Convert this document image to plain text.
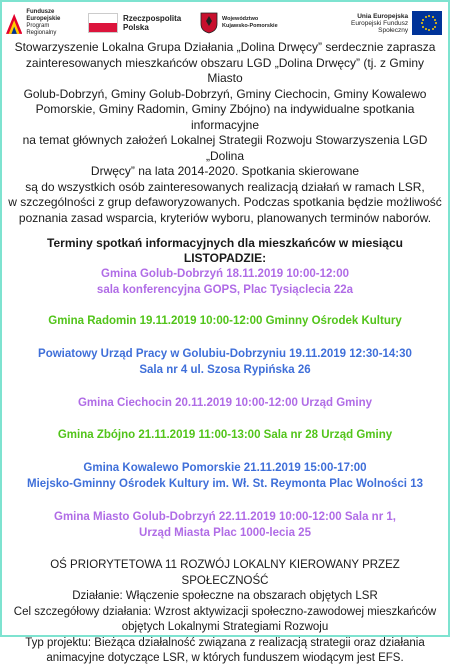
Fundusze
Europejskie
Program Regionalny
Rzeczpospolita
Polska
Województwo
Kujawsko-Pomorskie
Unia Europejska
Europejski Fundusz Społeczny

Stowarzyszenie Lokalna Grupa Działania „Dolina Drwęcy” serdecznie zaprasza

zainteresowanych mieszkańców obszaru LGD „Dolina Drwęcy” (tj. z Gminy Miasto

Golub-Dobrzyń, Gminy Golub-Dobrzyń, Gminy Ciechocin, Gminy Kowalewo

Pomorskie, Gminy Radomin, Gminy Zbójno) na indywidualne spotkania informacyjne

na temat głównych założeń Lokalnej Strategii Rozwoju Stowarzyszenia LGD „Dolina

Drwęcy” na lata 2014-2020. Spotkania skierowane

są do wszystkich osób zainteresowanych realizacją działań w ramach LSR,

w szczególności z grup defaworyzowanych. Podczas spotkania będzie możliwość

poznania zasad wsparcia, kryteriów wyboru, planowanych terminów naborów.

Terminy spotkań informacyjnych dla mieszkańców w miesiącu LISTOPADZIE:

Gmina Golub-Dobrzyń 18.11.2019 10:00-12:00

sala konferencyjna GOPS, Plac Tysiąclecia 22a

Gmina Radomin 19.11.2019 10:00-12:00 Gminny Ośrodek Kultury

Powiatowy Urząd Pracy w Golubiu-Dobrzyniu 19.11.2019 12:30-14:30

Sala nr 4 ul. Szosa Rypińska 26

Gmina Ciechocin 20.11.2019 10:00-12:00 Urząd Gminy

Gmina Zbójno 21.11.2019 11:00-13:00 Sala nr 28 Urząd Gminy

Gmina Kowalewo Pomorskie 21.11.2019 15:00-17:00

Miejsko-Gminny Ośrodek Kultury im. Wł. St. Reymonta Plac Wolności 13

Gmina Miasto Golub-Dobrzyń 22.11.2019 10:00-12:00 Sala nr 1,

Urząd Miasta Plac 1000-lecia 25

OŚ PRIORYTETOWA 11 ROZWÓJ LOKALNY KIEROWANY PRZEZ

SPOŁECZNOŚĆ

Działanie: Włączenie społeczne na obszarach objętych LSR

Cel szczegółowy działania: Wzrost aktywizacji społeczno-zawodowej mieszkańców

objętych Lokalnymi Strategiami Rozwoju

Typ projektu: Bieżąca działalność związana z realizacją strategii oraz działania

animacyjne dotyczące LSR, w których funduszem wiodącym jest EFS.
